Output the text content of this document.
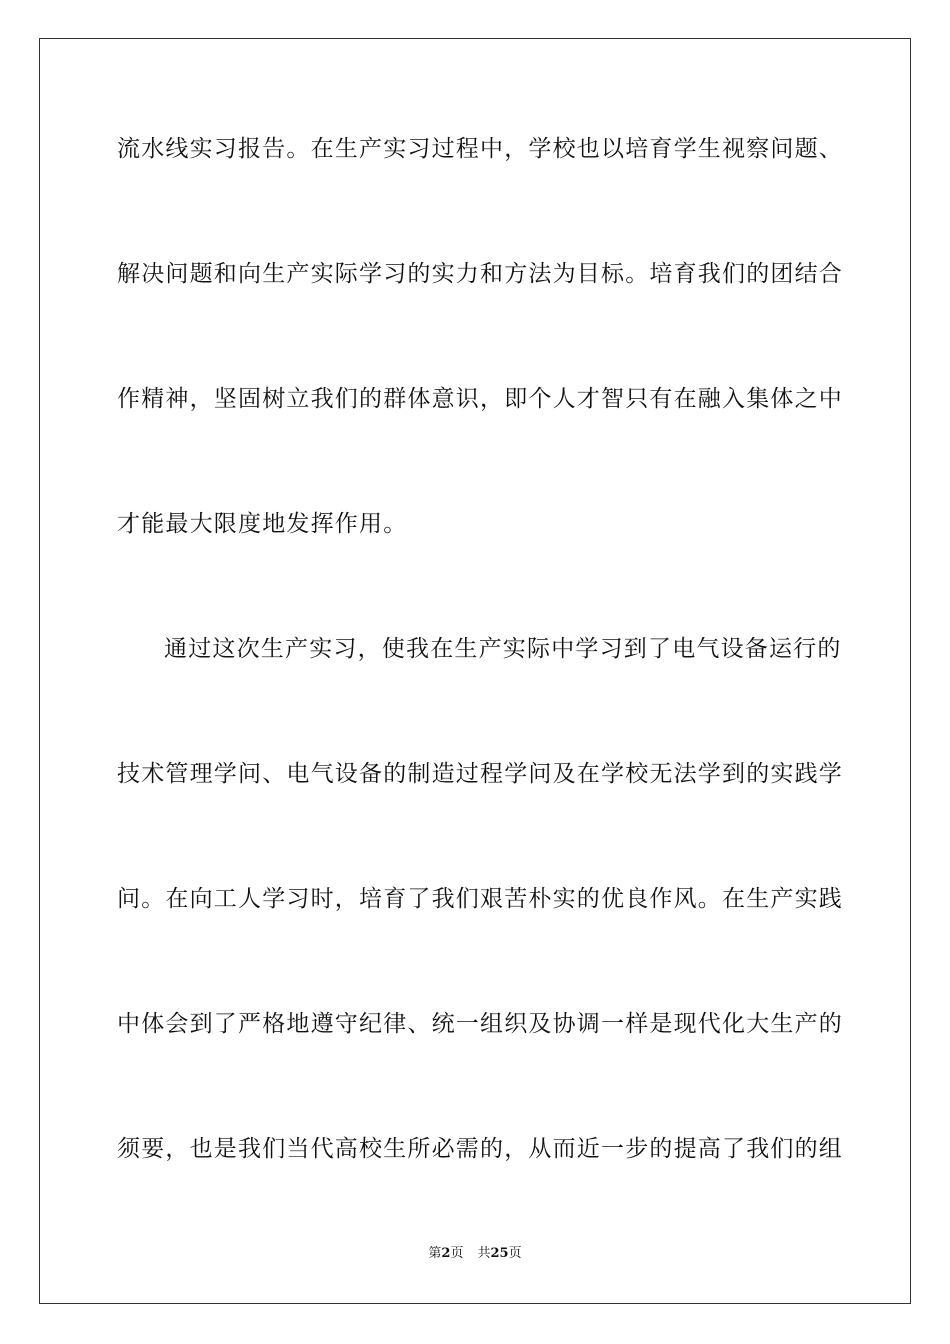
流水线实习报告。在生产实习过程中，学校也以培育学生视察问题、
解决问题和向生产实际学习的实力和方法为目标。培育我们的团结合
作精神，坚固树立我们的群体意识，即个人才智只有在融入集体之中
才能最大限度地发挥作用。
通过这次生产实习，使我在生产实际中学习到了电气设备运行的
技术管理学问、电气设备的制造过程学问及在学校无法学到的实践学
问。在向工人学习时，培育了我们艰苦朴实的优良作风。在生产实践
中体会到了严格地遵守纪律、统一组织及协调一样是现代化大生产的
须要，也是我们当代高校生所必需的，从而近一步的提高了我们的组
第2页 共25页
